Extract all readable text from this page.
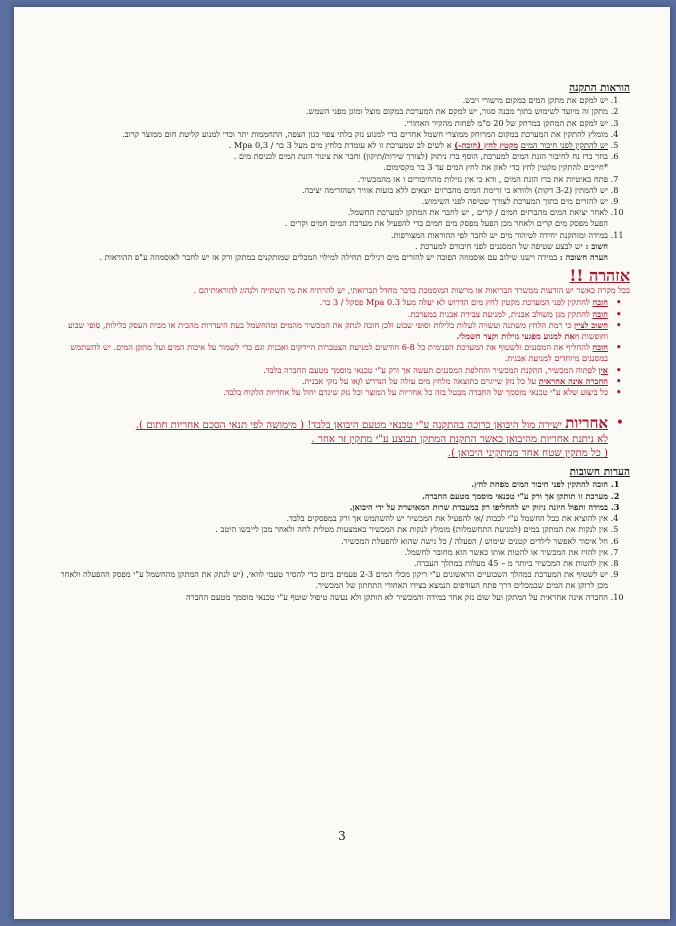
הוראות התקנה
1. יש למקם את מתקן המים במקום מישורי ויבש.
2. מתקן זה מיועד לשימוש בתוך מבנה סגור, יש למקם את המערכת במקום מוצל ומוגן מפני השמש.
3. יש למקם את המתקן במרחק של 20 ס"מ לפחות מהקיר האחורי.
4. מומלץ להתקין את המערכת במקום המרוחק ממוצרי חשמל אחרים כדי למנוע נזק בלתי צפוי כגון הצפה, התחממות יתר וכדי למנוע קליטת חום ממוצר קרוב.
5. יש להתקין לפני חיבור המים מקטין לחץ (חובה-) א לשים לב שמערכת זו לא עומדת בלחץ מים מעל 3 בר / Mpa 0,3 .
6. בחר ברז נח לחיבור הזנת המים למערכת, הוסף ברז ניתוק (לצורך שירות/תיקון) וחבר את צינור הזנת המים לכניסת מים .
*חייבים להתקין מקטין לחץ כדי לאזן את לחץ המים עד 3 בר מקסימום.
7. פתח באיטיות את ברז הזנת המים , ודא כי אין נזילות מהחיבורים ו או מהמכשיר.
8. יש להמתין (3-2 דקות) ולוודא כי זרימת המים מהברזים יוצאים ללא בועות אוויר ושהזרימה יציבה.
9. יש להזרים מים בתוך המערכת לצורך שטיפה לפני השימוש.
10. לאחר יציאת המים מהברזים חמים / קרים , יש לחבר את המתקן למערכת החשמל.

הפעל מפסק מים קרים ולאחר מכן הפעל מפסק מים חמים כדי להפעיל את מערכת המים חמים וקרים .

11. במידה ומותקנת יחידה לטיהור מים יש לחבר לפי ההוראות המצורפות.

חשוב : יש לבצע שטיפה של המסננים לפני חיבורם למערכת .

הערה חשובה : במידה וישנו שילוב עם אוסמוזה הפוכה יש להזרים מים רגילים תחילה למילוי המכלים שמותקנים במתקן ורק אז יש לחבר לאוסמוזה ע"פ ההוראות .

אזהרה !!

בכל מקרה כאשר יש הודעות ממשרד הבריאות או מרשות המוסמכת בדבר מחדל תברואתי, יש להרתיח את מי השתייה ולנהוג להוראותיהם .

• חובה להתקין לפני המערכת מקטין לחץ מים הדרוש לא יעלה מעל Mpa 0.3 פסקל / 3 בר.
• חובה להתקין מגן משולב אבנית, למניעת צבירת אבנית במערכת.
• חשוב לציין כי רמת הלחץ משתנה ועשויה לעלות בלילות וסופי שבוע ולכן חובה לנתק את המכשיר מהמים ומהחשמל בעת היעדרות מהבית או מבית העסק בלילות, סופי שבוע וחופשות וזאת למנוע מפגעי נזילות וקצר חשמלי.
• חובה להחליף את המסננים ולשטוף את המערכת הפנימית כל 6-8 חודשים למניעת הצטברות היידקים ואבנית וגם כדי לשמור על איכות המים ועל מתקן המים. יש להשתמש במסננים מיוחדים למניעת אבנית.
• אין לפתוח המכשיר, התקנת המכשיר והחלפת המסננים תעשה אך ורק ע"י טכנאי מוסמך מטעם החברה בלבד.
• החברה אינה אחראית על כל נזק שייגרם כתוצאה מלחץ מים עולה על הנדרש ו/או על נזקי אבנית.
• כל ביצוע שלא ע"י טכנאי מוסמך של החברה מבטל בזה כל אחריות על המוצר וכל נזק שיגרם יחול על אחריות הלקוח בלבד.

• אחריות ישירה מול היבואן כרוכה בהתקנה ע"י טכנאי מטעם היבואן בלבד! ( מימושה לפי תנאי הסכם אחריות חתום ).

לא ניתנת אחריות מהיבואן כאשר התקנת המתקן תבוצע ע"י מתקין זר אחר .

( כל מתקין שטח אחר ממתקיני היבואן ).

הערות חשובות
1. חובה להתקין לפני חיבור המים מפחת לחץ.
2. מערכת זו תותקן אך ורק ע"י טכנאי מוסמך מטעם החברה.
3. במידה ותפול היזנה ניזוק יש להחליפו רק במעבדת שרות המאושרת על ידי היבואן.
4. אין להוציא את כבל החשמל ע"י לכבות /או להפעיל את המכשיר יש להשתמש אך ורק במפסקים בלבד.
5. אין לנקות את המתקן במים (למניעת התחשמלות) מומלץ לנקות את המכשיר באמצעות מטלית לחה ולאחר מכן לייבשו היטב .
6. חל איסור לאפשר לילדים קטנים שימוש / הפעלה / כל גישה שהוא להפעלת המכשיר.
7. אין להזיז את המכשיר או להטות אותו כאשר הוא מחובר לחשמל.
8. אין להטות את המכשיר ביותר מ – 45 מעלות במהלך העברה.
9. יש לשטוף את המערכת במהלך השבועיים הראשונים ע"י ריקון מכלי המים 2-3 פעמים ביום כדי להסיר טעמי לוואי, (יש לנתק את המתקן מהחשמל ע"י מפסק ההפעלה ולאחר מכן לרוקן את המים שבמכלים דרך פתח העודפים הנמצא בצידו האחורי התחתון של המכשיר.
10. החברה אינה אחראית על המתקן ועל שום נזק אחר במידה והמכשיר לא הותקן ולא נעשה טיפול שוטף ע"י טכנאי מוסמך מטעם החברה
3
